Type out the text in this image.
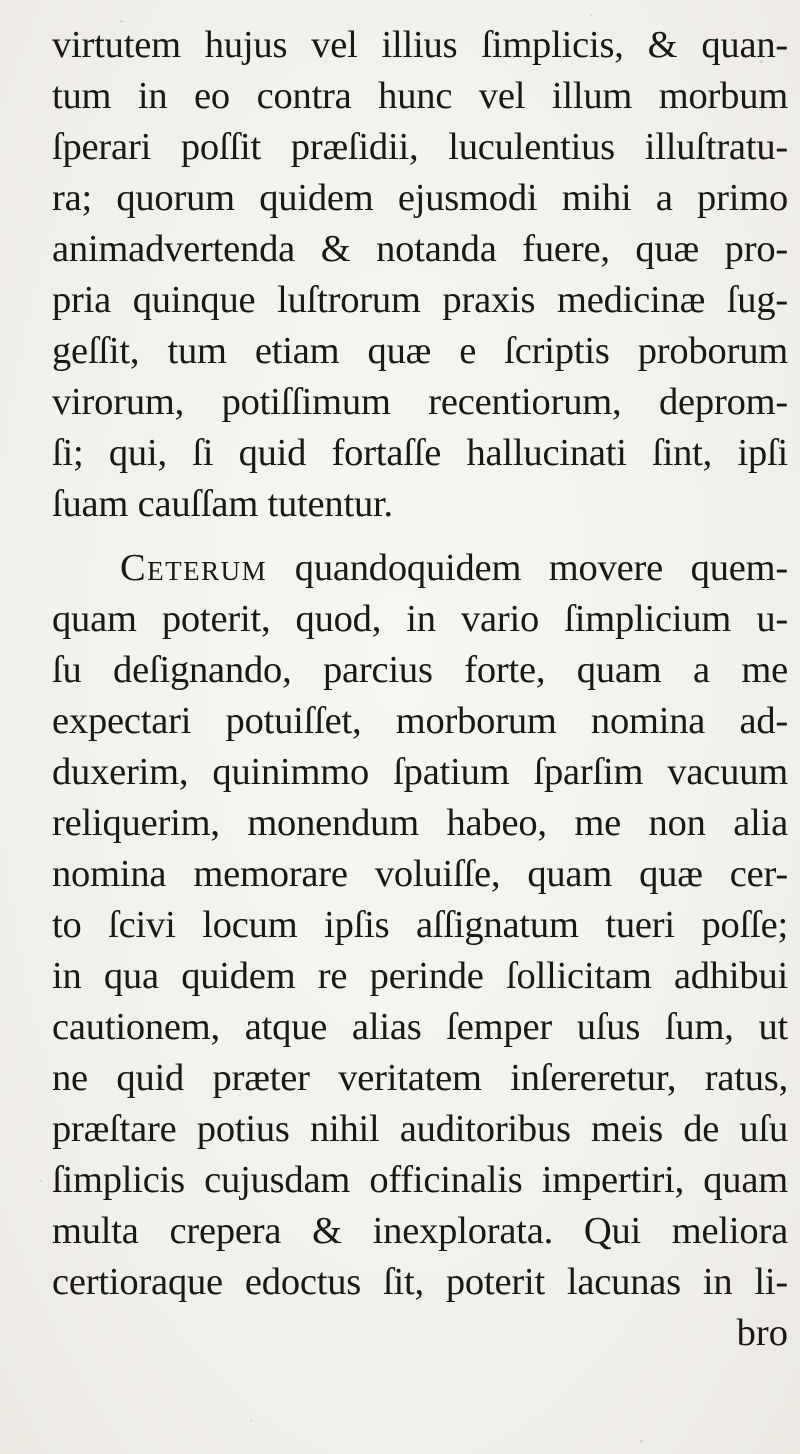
virtutem hujus vel illius ſimplicis, & quan-
tum in eo contra hunc vel illum morbum
ſperari poſſit præſidii, luculentius illuſtratu-
ra; quorum quidem ejusmodi mihi a primo
animadvertenda & notanda fuere, quæ pro-
pria quinque luſtrorum praxis medicinæ ſug-
geſſit, tum etiam quæ e ſcriptis proborum
virorum, potiſſimum recentiorum, deprom-
ſi; qui, ſi quid fortaſſe hallucinati ſint, ipſi
ſuam cauſſam tutentur.
Ceterum quandoquidem movere quem-
quam poterit, quod, in vario ſimplicium u-
ſu deſignando, parcius forte, quam a me
expectari potuiſſet, morborum nomina ad-
duxerim, quinimmo ſpatium ſparſim vacuum
reliquerim, monendum habeo, me non alia
nomina memorare voluiſſe, quam quæ cer-
to ſcivi locum ipſis aſſignatum tueri poſſe;
in qua quidem re perinde ſollicitam adhibui
cautionem, atque alias ſemper uſus ſum, ut
ne quid præter veritatem inſereretur, ratus,
præſtare potius nihil auditoribus meis de uſu
ſimplicis cujusdam officinalis impertiri, quam
multa crepera & inexplorata. Qui meliora
certioraque edoctus ſit, poterit lacunas in li-
bro
